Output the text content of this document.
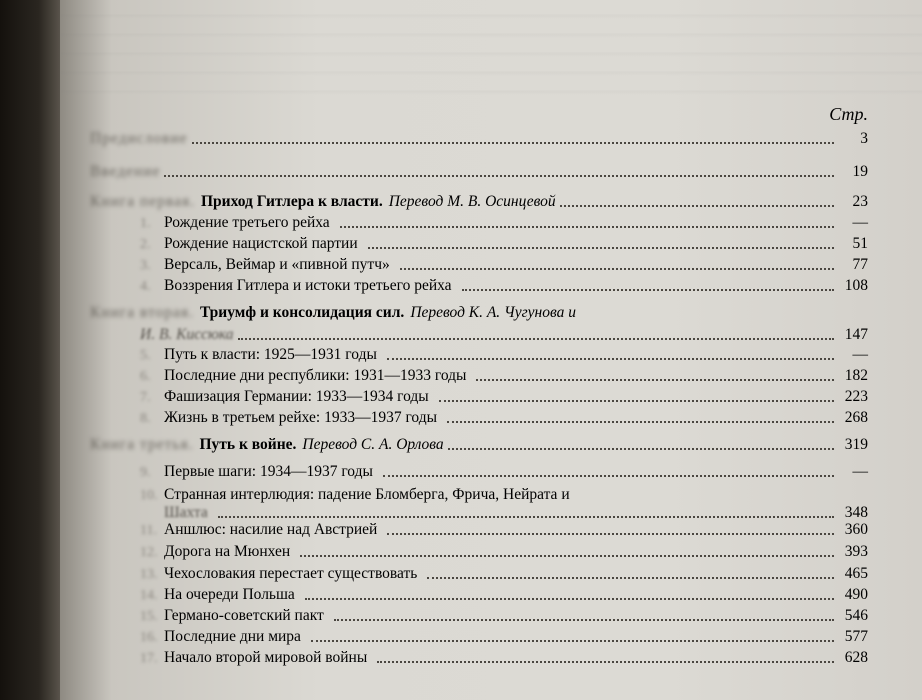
Стр.
Предисловие	3
Введение	19
Книга первая. Приход Гитлера к власти. Перевод М. В. Осинцевой	23
1. Рождение третьего рейха	—
2. Рождение нацистской партии	51
3. Версаль, Веймар и «пивной путч»	77
4. Воззрения Гитлера и истоки третьего рейха	108
Книга вторая. Триумф и консолидация сил. Перевод К. А. Чугунова и
И. В. Киссюка	147
5. Путь к власти: 1925—1931 годы	—
6. Последние дни республики: 1931—1933 годы	182
7. Фашизация Германии: 1933—1934 годы	223
8. Жизнь в третьем рейхе: 1933—1937 годы	268
Книга третья. Путь к войне. Перевод С. А. Орлова	319
9. Первые шаги: 1934—1937 годы	—
10. Странная интерлюдия: падение Бломберга, Фрича, Нейрата и
Шахта	348
11. Аншлюс: насилие над Австрией	360
12. Дорога на Мюнхен	393
13. Чехословакия перестает существовать	465
14. На очереди Польша	490
15. Германо-советский пакт	546
16. Последние дни мира	577
17. Начало второй мировой войны	628
